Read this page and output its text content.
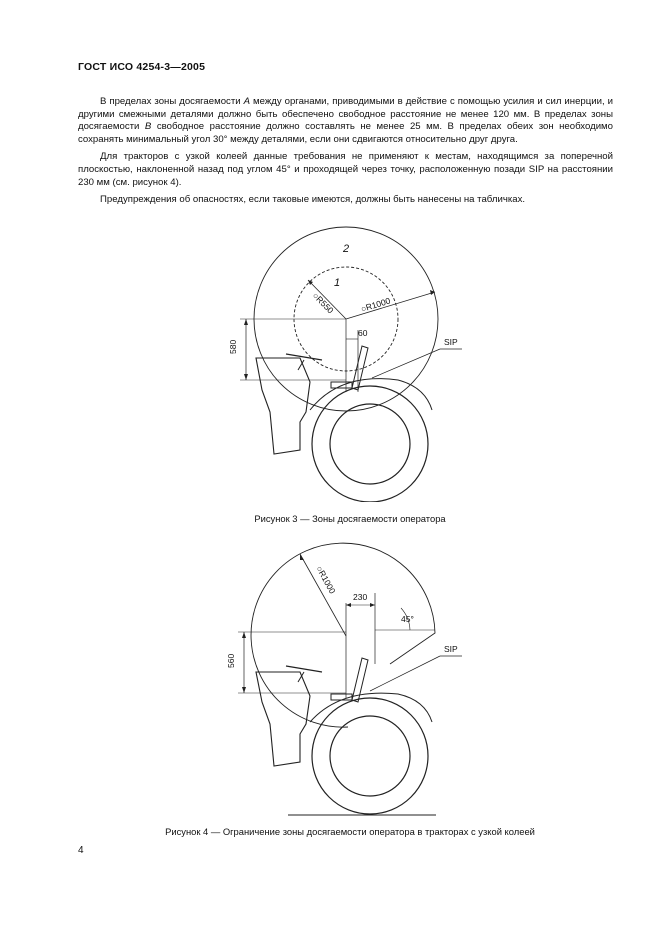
ГОСТ ИСО 4254-3—2005

В пределах зоны досягаемости А между органами, приводимыми в действие с помощью усилия и сил инерции, и другими смежными деталями должно быть обеспечено свободное расстояние не менее 120 мм. В пределах зоны досягаемости В свободное расстояние должно составлять не менее 25 мм. В пределах обеих зон необходимо сохранять минимальный угол 30° между деталями, если они сдвигаются относительно друг друга.

Для тракторов с узкой колеей данные требования не применяют к местам, находящимся за поперечной плоскостью, наклоненной назад под углом 45° и проходящей через точку, расположенную позади SIP на расстоянии 230 мм (см. рисунок 4).

Предупреждения об опасностях, если таковые имеются, должны быть нанесены на табличках.

2
1
○R550	○R1000
60
580	SIP
Рисунок 3 — Зоны досягаемости оператора
○R1000
230
45°
560
SIP
Рисунок 4 — Ограничение зоны досягаемости оператора в тракторах с узкой колеей
4
